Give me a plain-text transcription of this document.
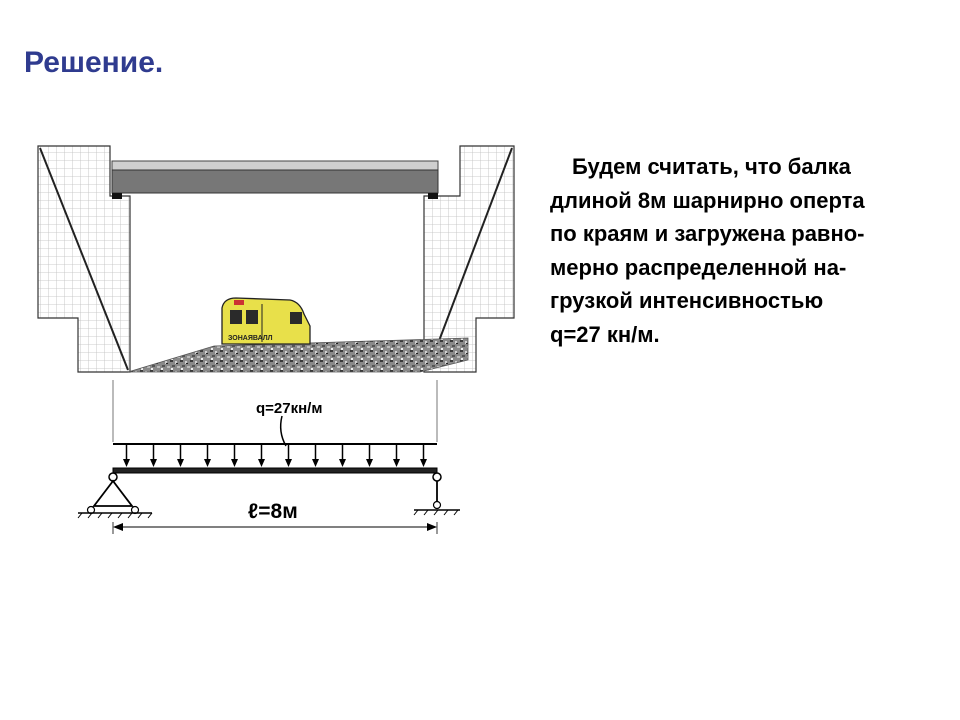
Решение.
Будем считать, что балка
длиной 8м шарнирно оперта
по краям и загружена равно-
мерно распределенной на-
грузкой интенсивностью
q=27 кн/м.
ЗОНАЯВАЛЛ
q=27кн/м
ℓ=8м
